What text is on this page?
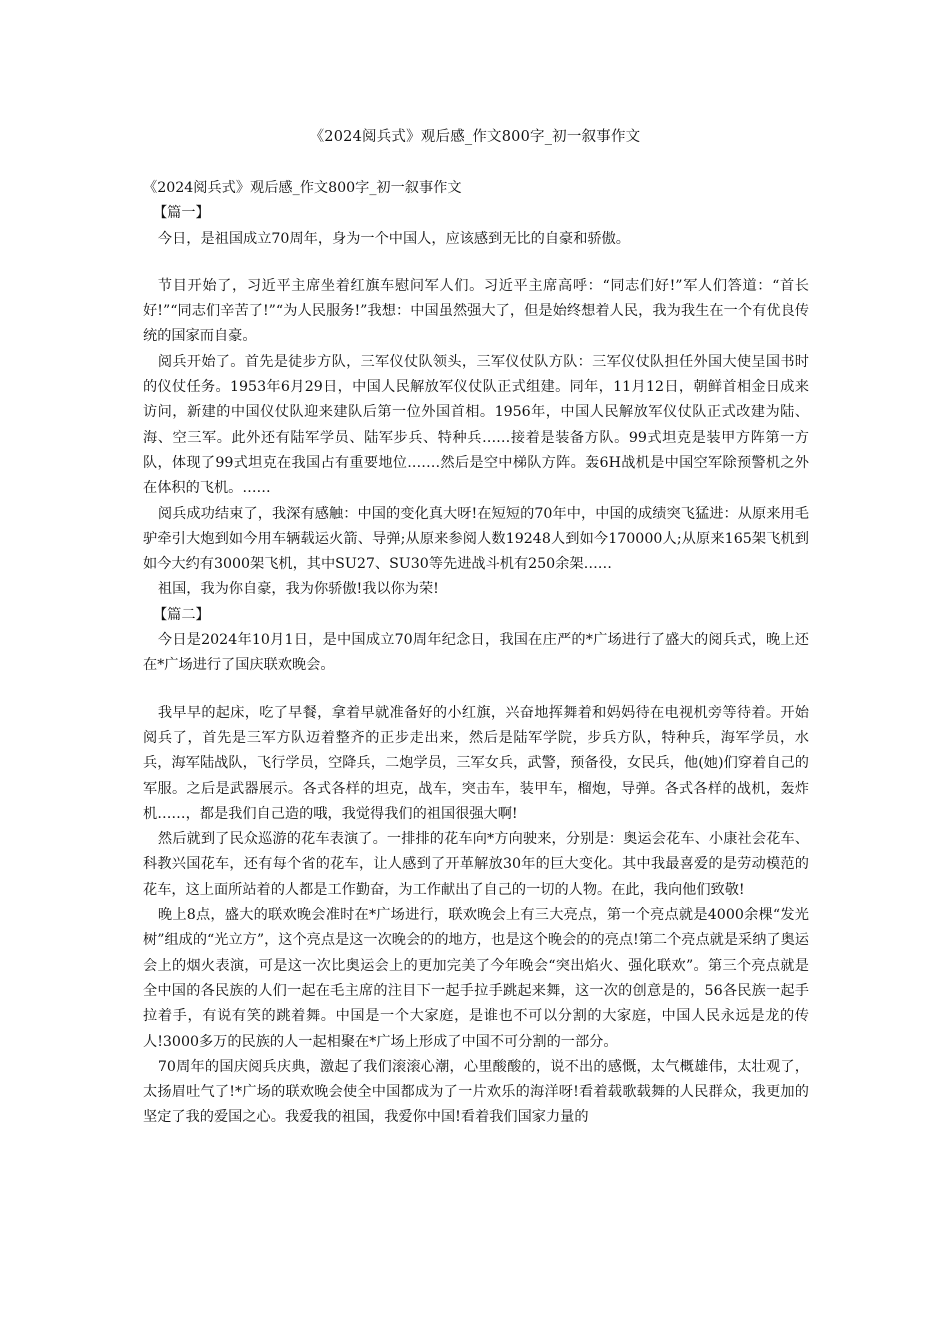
《2024阅兵式》观后感_作文800字_初一叙事作文

《2024阅兵式》观后感_作文800字_初一叙事作文

【篇一】

今日，是祖国成立70周年，身为一个中国人，应该感到无比的自豪和骄傲。

节目开始了，习近平主席坐着红旗车慰问军人们。习近平主席高呼：“同志们好!”军人们答道：“首长好!”“同志们辛苦了!”“为人民服务!”我想：中国虽然强大了，但是始终想着人民，我为我生在一个有优良传统的国家而自豪。

阅兵开始了。首先是徒步方队，三军仪仗队领头，三军仪仗队方队：三军仪仗队担任外国大使呈国书时的仪仗任务。1953年6月29日，中国人民解放军仪仗队正式组建。同年，11月12日，朝鲜首相金日成来访问，新建的中国仪仗队迎来建队后第一位外国首相。1956年，中国人民解放军仪仗队正式改建为陆、海、空三军。此外还有陆军学员、陆军步兵、特种兵……接着是装备方队。99式坦克是装甲方阵第一方队，体现了99式坦克在我国占有重要地位.……然后是空中梯队方阵。轰6H战机是中国空军除预警机之外在体积的飞机。……

阅兵成功结束了，我深有感触：中国的变化真大呀!在短短的70年中，中国的成绩突飞猛进：从原来用毛驴牵引大炮到如今用车辆载运火箭、导弹;从原来参阅人数19248人到如今170000人;从原来165架飞机到如今大约有3000架飞机，其中SU27、SU30等先进战斗机有250余架……

祖国，我为你自豪，我为你骄傲!我以你为荣!

【篇二】

今日是2024年10月1日，是中国成立70周年纪念日，我国在庄严的*广场进行了盛大的阅兵式，晚上还在*广场进行了国庆联欢晚会。

我早早的起床，吃了早餐，拿着早就准备好的小红旗，兴奋地挥舞着和妈妈待在电视机旁等待着。开始阅兵了，首先是三军方队迈着整齐的正步走出来，然后是陆军学院，步兵方队，特种兵，海军学员，水兵，海军陆战队，飞行学员，空降兵，二炮学员，三军女兵，武警，预备役，女民兵，他(她)们穿着自己的军服。之后是武器展示。各式各样的坦克，战车，突击车，装甲车，榴炮，导弹。各式各样的战机，轰炸机……，都是我们自己造的哦，我觉得我们的祖国很强大啊!

然后就到了民众巡游的花车表演了。一排排的花车向*方向驶来，分别是：奥运会花车、小康社会花车、科教兴国花车，还有每个省的花车，让人感到了开革解放30年的巨大变化。其中我最喜爱的是劳动模范的花车，这上面所站着的人都是工作勤奋，为工作献出了自己的一切的人物。在此，我向他们致敬!

晚上8点，盛大的联欢晚会准时在*广场进行，联欢晚会上有三大亮点，第一个亮点就是4000余棵“发光树”组成的“光立方”，这个亮点是这一次晚会的的地方，也是这个晚会的的亮点!第二个亮点就是采纳了奥运会上的烟火表演，可是这一次比奥运会上的更加完美了今年晚会“突出焰火、强化联欢”。第三个亮点就是全中国的各民族的人们一起在毛主席的注目下一起手拉手跳起来舞，这一次的创意是的，56各民族一起手拉着手，有说有笑的跳着舞。中国是一个大家庭，是谁也不可以分割的大家庭，中国人民永远是龙的传人!3000多万的民族的人一起相聚在*广场上形成了中国不可分割的一部分。

70周年的国庆阅兵庆典，激起了我们滚滚心潮，心里酸酸的，说不出的感慨，太气概雄伟，太壮观了，太扬眉吐气了!*广场的联欢晚会使全中国都成为了一片欢乐的海洋呀!看着载歌载舞的人民群众，我更加的坚定了我的爱国之心。我爱我的祖国，我爱你中国!看着我们国家力量的
